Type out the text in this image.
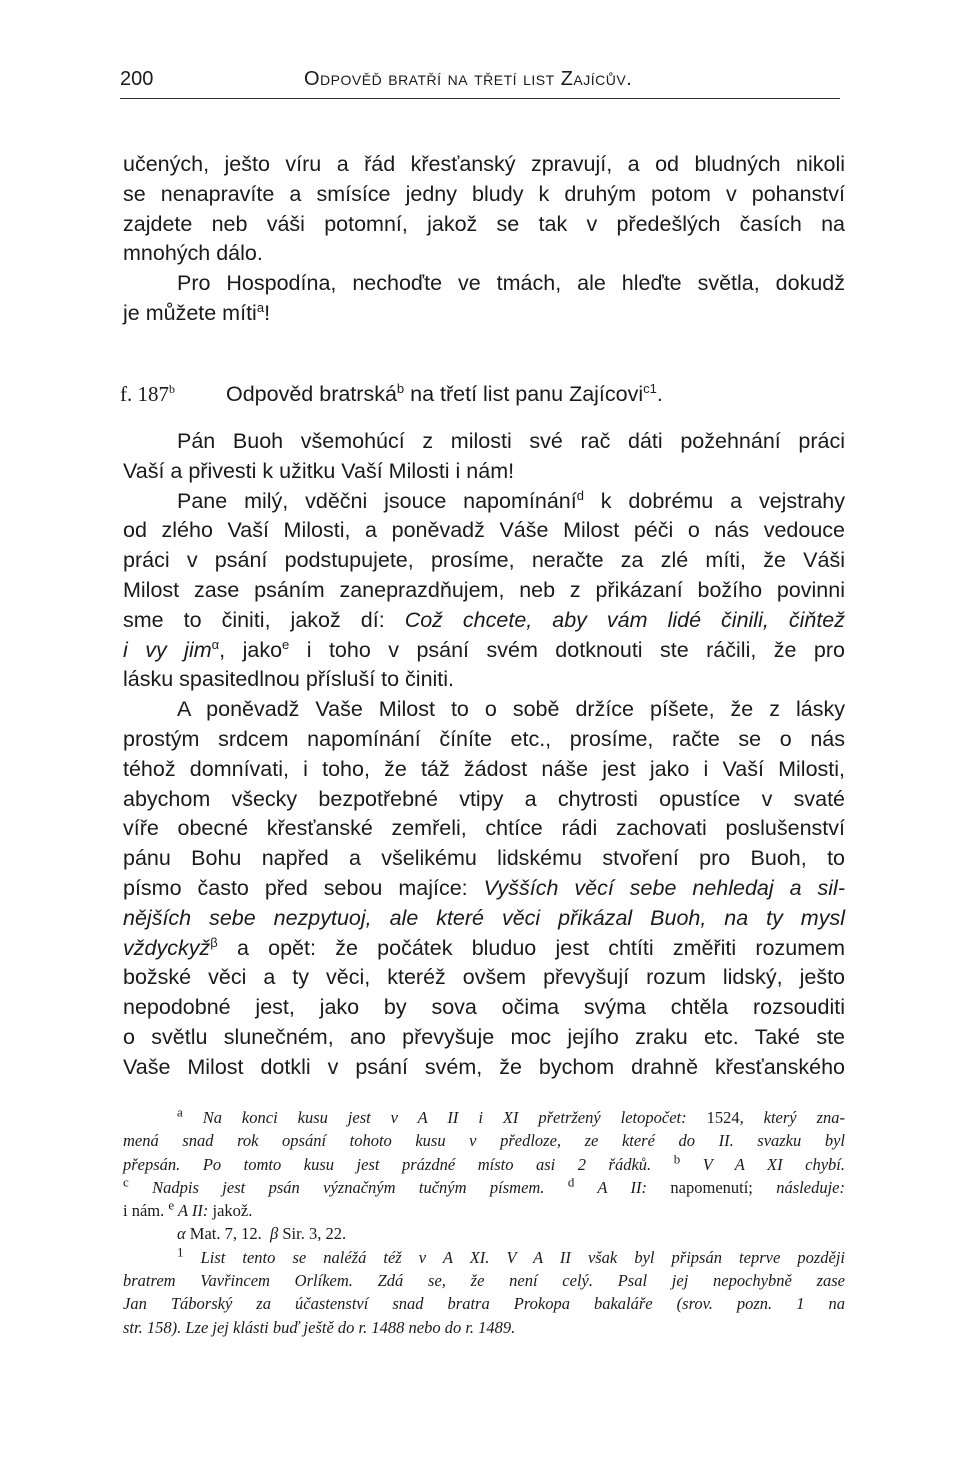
200	Odpověď bratří na třetí list Zajícův.
učených, ješto víru a řád křesťanský zpravují, a od bludných nikoli
se nenapravíte a smísíce jedny bludy k druhým potom v pohanství
zajdete neb váši potomní, jakož se tak v předešlých časích na
mnohých dálo.
Pro Hospodína, nechoďte ve tmách, ale hleďte světla, dokudž
je můžete míti$^a$!
f. 187$^b$ Odpověd bratrská$^b$ na třetí list panu Zajícovi$^{c1}$.
Pán Buoh všemohúcí z milosti své rač dáti požehnání práci
Vaší a přivesti k užitku Vaší Milosti i nám!
Pane milý, vděčni jsouce napomínání$^d$ k dobrému a vejstrahy
od zlého Vaší Milosti, a poněvadž Váše Milost péči o nás vedouce
práci v psání podstupujete, prosíme, neračte za zlé míti, že Váši
Milost zase psáním zaneprazdňujem, neb z přikázaní božího povinni
sme to činiti, jakož dí: Což chcete, aby vám lidé činili, čiňtež
i vy jim$^\alpha$, jako$^e$ i toho v psání svém dotknouti ste ráčili, že pro
lásku spasitedlnou přísluší to činiti.
A poněvadž Vaše Milost to o sobě držíce píšete, že z lásky
prostým srdcem napomínání číníte etc., prosíme, račte se o nás
téhož domnívati, i toho, že táž žádost náše jest jako i Vaší Milosti,
abychom všecky bezpotřebné vtipy a chytrosti opustíce v svaté
víře obecné křesťanské zemřeli, chtíce rádi zachovati poslušenství
pánu Bohu napřed a všelikému lidskému stvoření pro Buoh, to
písmo často před sebou majíce: Vyšších věcí sebe nehledaj a sil-
nějších sebe nezpytuoj, ale které věci přikázal Buoh, na ty mysl
vždyckyž$^\beta$ a opět: že počátek bluduo jest chtíti změřiti rozumem
božské věci a ty věci, kteréž ovšem převyšují rozum lidský, ješto
nepodobné jest, jako by sova očima svýma chtěla rozsouditi
o světlu slunečném, ano převyšuje moc jejího zraku etc. Také ste
Vaše Milost dotkli v psání svém, že bychom drahně křesťanského
$^a$ Na konci kusu jest v A II i XI přetržený letopočet: 1524, který zna-
mená snad rok opsání tohoto kusu v předloze, ze které do II. svazku byl
přepsán. Po tomto kusu jest prázdné místo asi 2 řádků. $^b$ V A XI chybí.
$^c$ Nadpis jest psán význačným tučným písmem. $^d$ A II: napomenutí; následuje:
i nám. $^e$ A II: jakož.
α Mat. 7, 12. β Sir. 3, 22.
$^1$ List tento se naléžá též v A XI. V A II však byl připsán teprve později
bratrem Vavřincem Orlíkem. Zdá se, že není celý. Psal jej nepochybně zase
Jan Táborský za účastenství snad bratra Prokopa bakaláře (srov. pozn. 1 na
str. 158). Lze jej klásti buď ještě do r. 1488 nebo do r. 1489.
